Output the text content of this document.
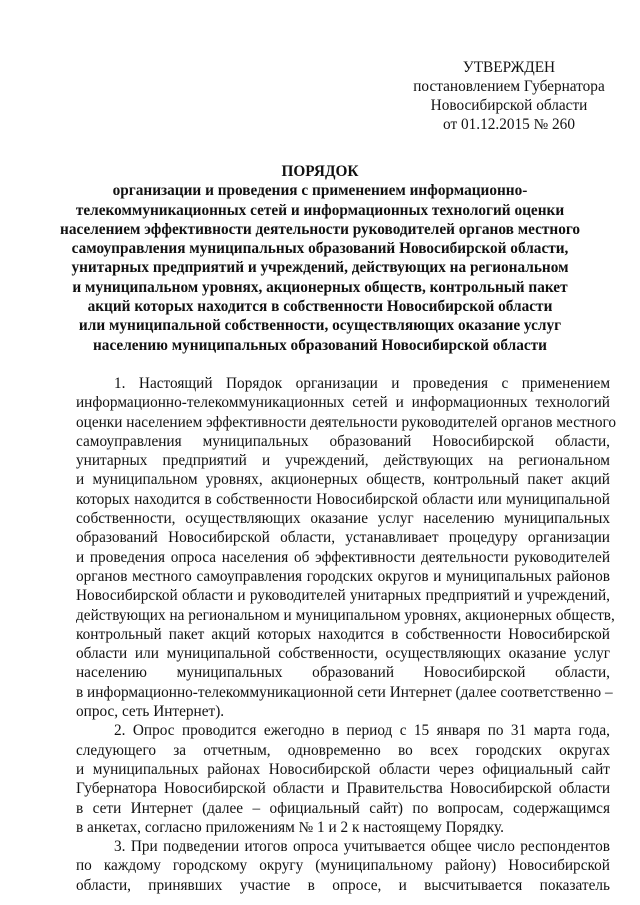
УТВЕРЖДЕН
постановлением Губернатора
Новосибирской области
от 01.12.2015 № 260
ПОРЯДОК
организации и проведения с применением информационно-
телекоммуникационных сетей и информационных технологий оценки
населением эффективности деятельности руководителей органов местного
самоуправления муниципальных образований Новосибирской области,
унитарных предприятий и учреждений, действующих на региональном
и муниципальном уровнях, акционерных обществ, контрольный пакет
акций которых находится в собственности Новосибирской области
или муниципальной собственности, осуществляющих оказание услуг
населению муниципальных образований Новосибирской области
1. Настоящий Порядок организации и проведения с применением
информационно-телекоммуникационных сетей и информационных технологий
оценки населением эффективности деятельности руководителей органов местного
самоуправления муниципальных образований Новосибирской области,
унитарных предприятий и учреждений, действующих на региональном
и муниципальном уровнях, акционерных обществ, контрольный пакет акций
которых находится в собственности Новосибирской области или муниципальной
собственности, осуществляющих оказание услуг населению муниципальных
образований Новосибирской области, устанавливает процедуру организации
и проведения опроса населения об эффективности деятельности руководителей
органов местного самоуправления городских округов и муниципальных районов
Новосибирской области и руководителей унитарных предприятий и учреждений,
действующих на региональном и муниципальном уровнях, акционерных обществ,
контрольный пакет акций которых находится в собственности Новосибирской
области или муниципальной собственности, осуществляющих оказание услуг
населению муниципальных образований Новосибирской области,
в информационно-телекоммуникационной сети Интернет (далее соответственно –
опрос, сеть Интернет).
2. Опрос проводится ежегодно в период с 15 января по 31 марта года,
следующего за отчетным, одновременно во всех городских округах
и муниципальных районах Новосибирской области через официальный сайт
Губернатора Новосибирской области и Правительства Новосибирской области
в сети Интернет (далее – официальный сайт) по вопросам, содержащимся
в анкетах, согласно приложениям № 1 и 2 к настоящему Порядку.
3. При подведении итогов опроса учитывается общее число респондентов
по каждому городскому округу (муниципальному району) Новосибирской
области, принявших участие в опросе, и высчитывается показатель
